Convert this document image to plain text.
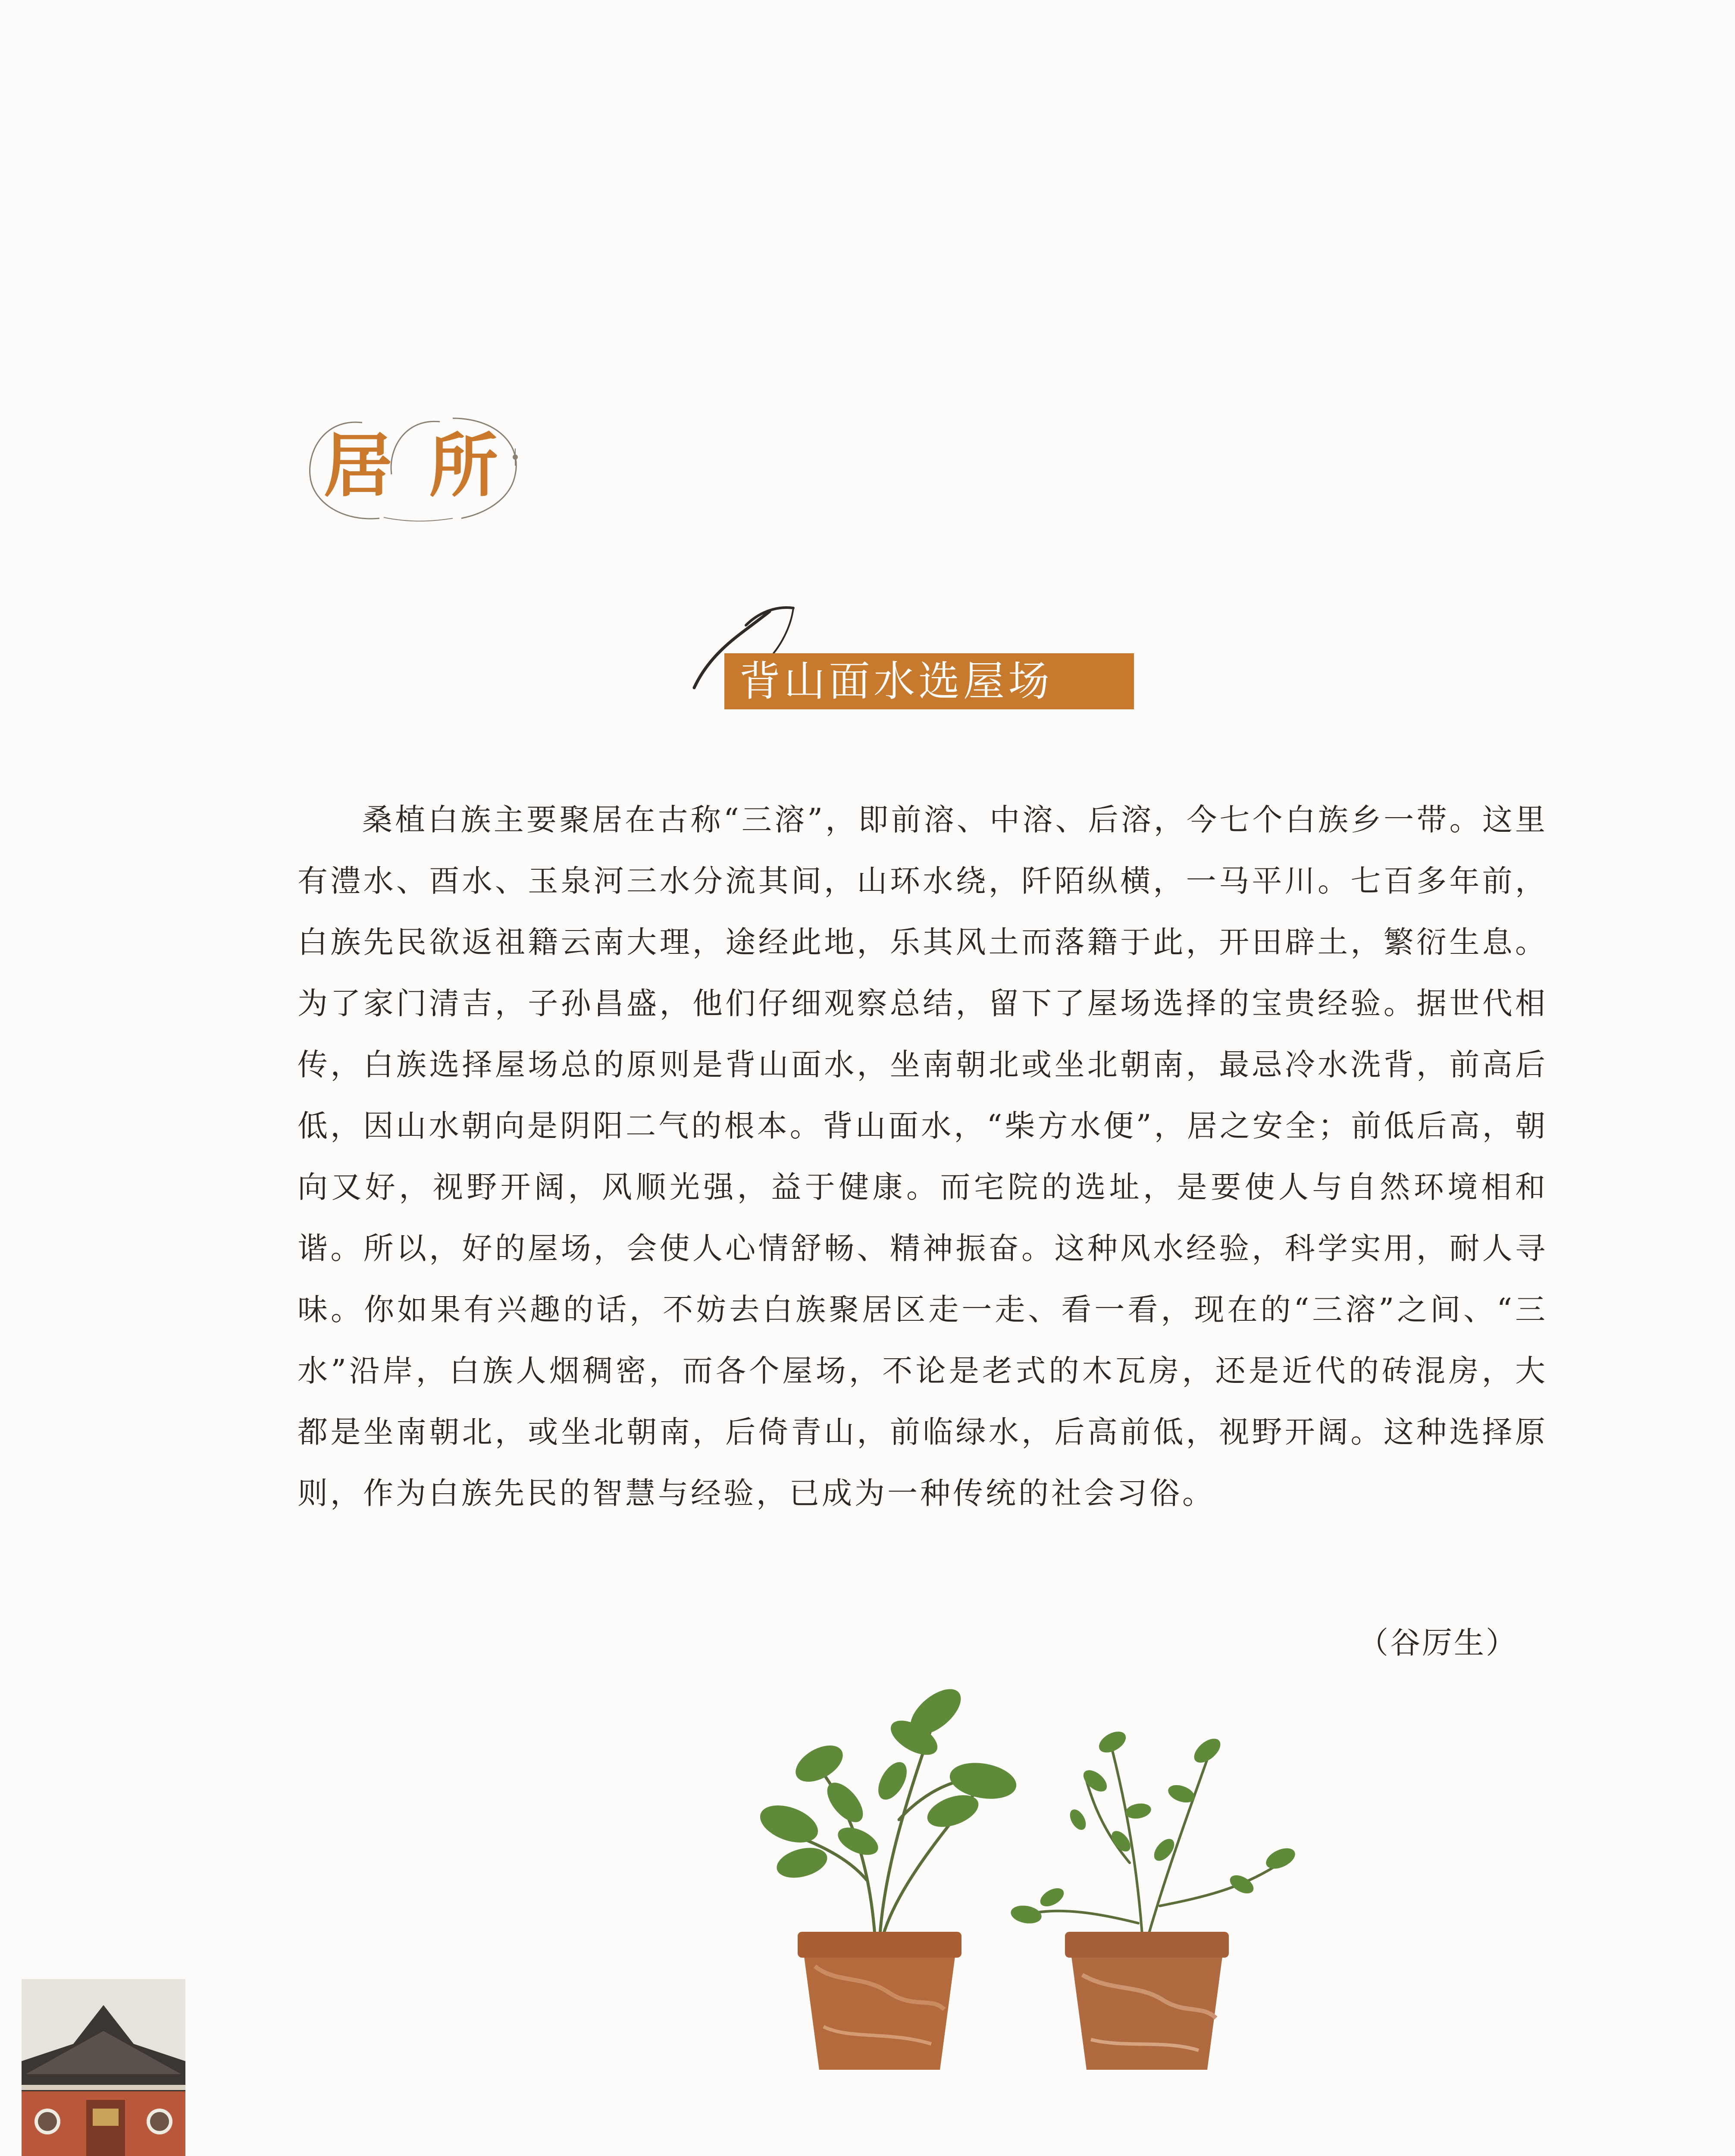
居 所
背山面水选屋场

桑植白族主要聚居在古称“三溶”，即前溶、中溶、后溶，今七个白族乡一带。这里有澧水、酉水、玉泉河三水分流其间，山环水绕，阡陌纵横，一马平川。七百多年前，白族先民欲返祖籍云南大理，途经此地，乐其风土而落籍于此，开田辟土，繁衍生息。为了家门清吉，子孙昌盛，他们仔细观察总结，留下了屋场选择的宝贵经验。据世代相传，白族选择屋场总的原则是背山面水，坐南朝北或坐北朝南，最忌冷水洗背，前高后低，因山水朝向是阴阳二气的根本。背山面水，“柴方水便”，居之安全；前低后高，朝向又好，视野开阔，风顺光强，益于健康。而宅院的选址，是要使人与自然环境相和谐。所以，好的屋场，会使人心情舒畅、精神振奋。这种风水经验，科学实用，耐人寻味。你如果有兴趣的话，不妨去白族聚居区走一走、看一看，现在的“三溶”之间、“三水”沿岸，白族人烟稠密，而各个屋场，不论是老式的木瓦房，还是近代的砖混房，大都是坐南朝北，或坐北朝南，后倚青山，前临绿水，后高前低，视野开阔。这种选择原则，作为白族先民的智慧与经验，已成为一种传统的社会习俗。

（谷厉生）
